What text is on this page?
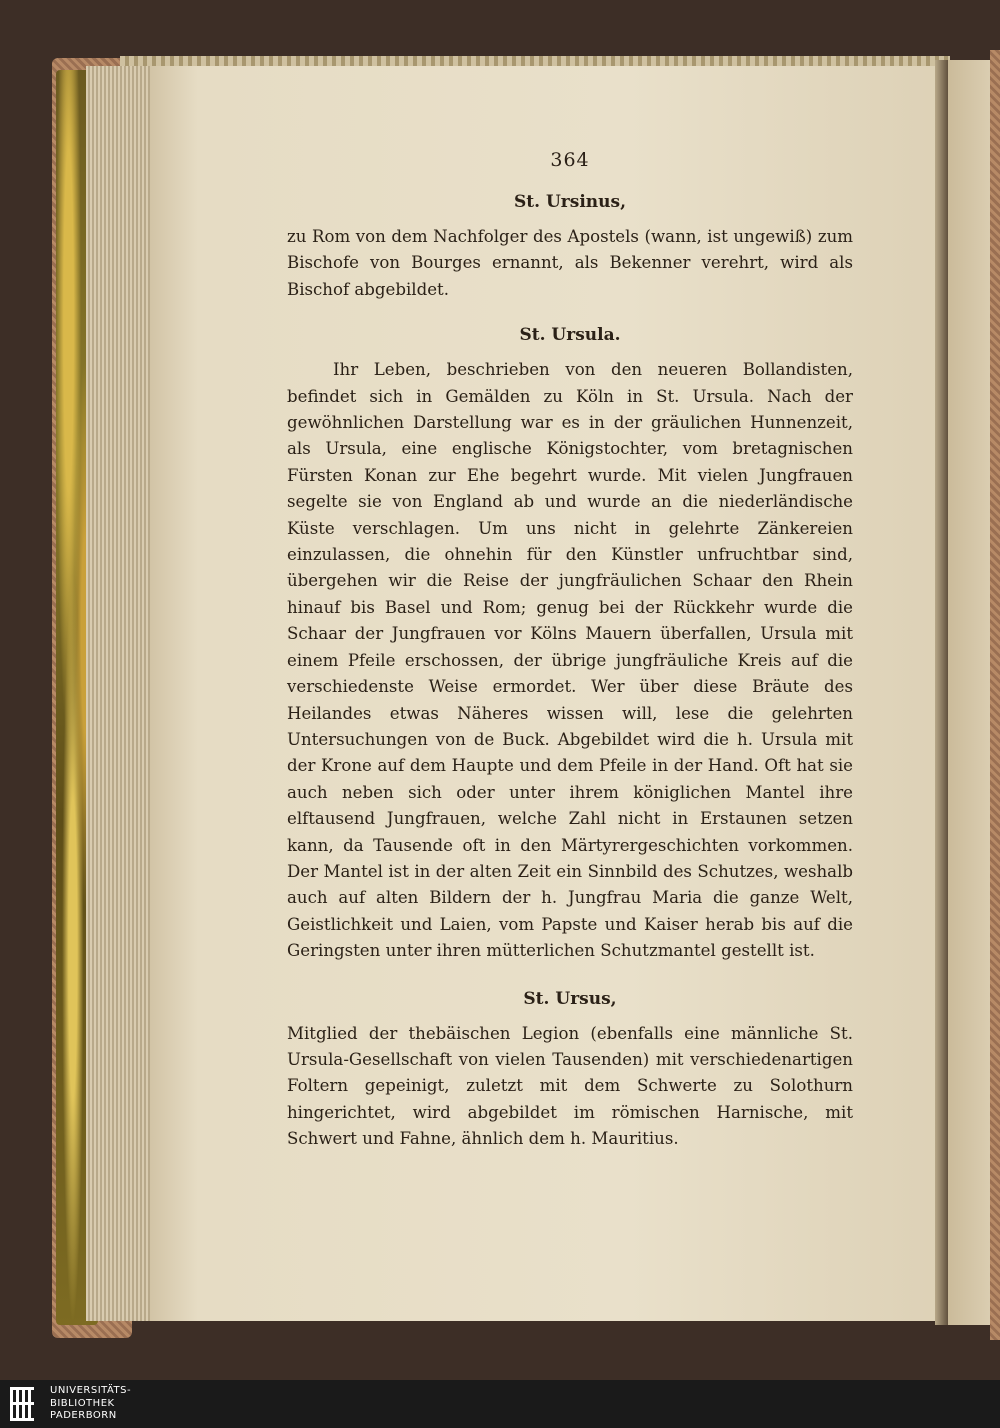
364
St. Ursinus,

zu Rom von dem Nachfolger des Apostels (wann, ist ungewiß) zum Bischofe von Bourges ernannt, als Bekenner verehrt, wird als Bischof abgebildet.

St. Ursula.

Ihr Leben, beschrieben von den neueren Bollandisten, befindet sich in Gemälden zu Köln in St. Ursula. Nach der gewöhnlichen Darstellung war es in der gräulichen Hunnenzeit, als Ursula, eine englische Königstochter, vom bretagnischen Fürsten Konan zur Ehe begehrt wurde. Mit vielen Jungfrauen segelte sie von England ab und wurde an die niederländische Küste verschlagen. Um uns nicht in gelehrte Zänkereien einzulassen, die ohnehin für den Künstler unfruchtbar sind, übergehen wir die Reise der jungfräulichen Schaar den Rhein hinauf bis Basel und Rom; genug bei der Rückkehr wurde die Schaar der Jungfrauen vor Kölns Mauern überfallen, Ursula mit einem Pfeile erschossen, der übrige jungfräuliche Kreis auf die verschiedenste Weise ermordet. Wer über diese Bräute des Heilandes etwas Näheres wissen will, lese die gelehrten Untersuchungen von de Buck. Abgebildet wird die h. Ursula mit der Krone auf dem Haupte und dem Pfeile in der Hand. Oft hat sie auch neben sich oder unter ihrem königlichen Mantel ihre elftausend Jungfrauen, welche Zahl nicht in Erstaunen setzen kann, da Tausende oft in den Märtyrergeschichten vorkommen. Der Mantel ist in der alten Zeit ein Sinnbild des Schutzes, weshalb auch auf alten Bildern der h. Jungfrau Maria die ganze Welt, Geistlichkeit und Laien, vom Papste und Kaiser herab bis auf die Geringsten unter ihren mütterlichen Schutzmantel gestellt ist.

St. Ursus,

Mitglied der thebäischen Legion (ebenfalls eine männliche St. Ursula-Gesellschaft von vielen Tausenden) mit verschiedenartigen Foltern gepeinigt, zuletzt mit dem Schwerte zu Solothurn hingerichtet, wird abgebildet im römischen Harnische, mit Schwert und Fahne, ähnlich dem h. Mauritius.

UNIVERSITÄTS-
BIBLIOTHEK
PADERBORN
